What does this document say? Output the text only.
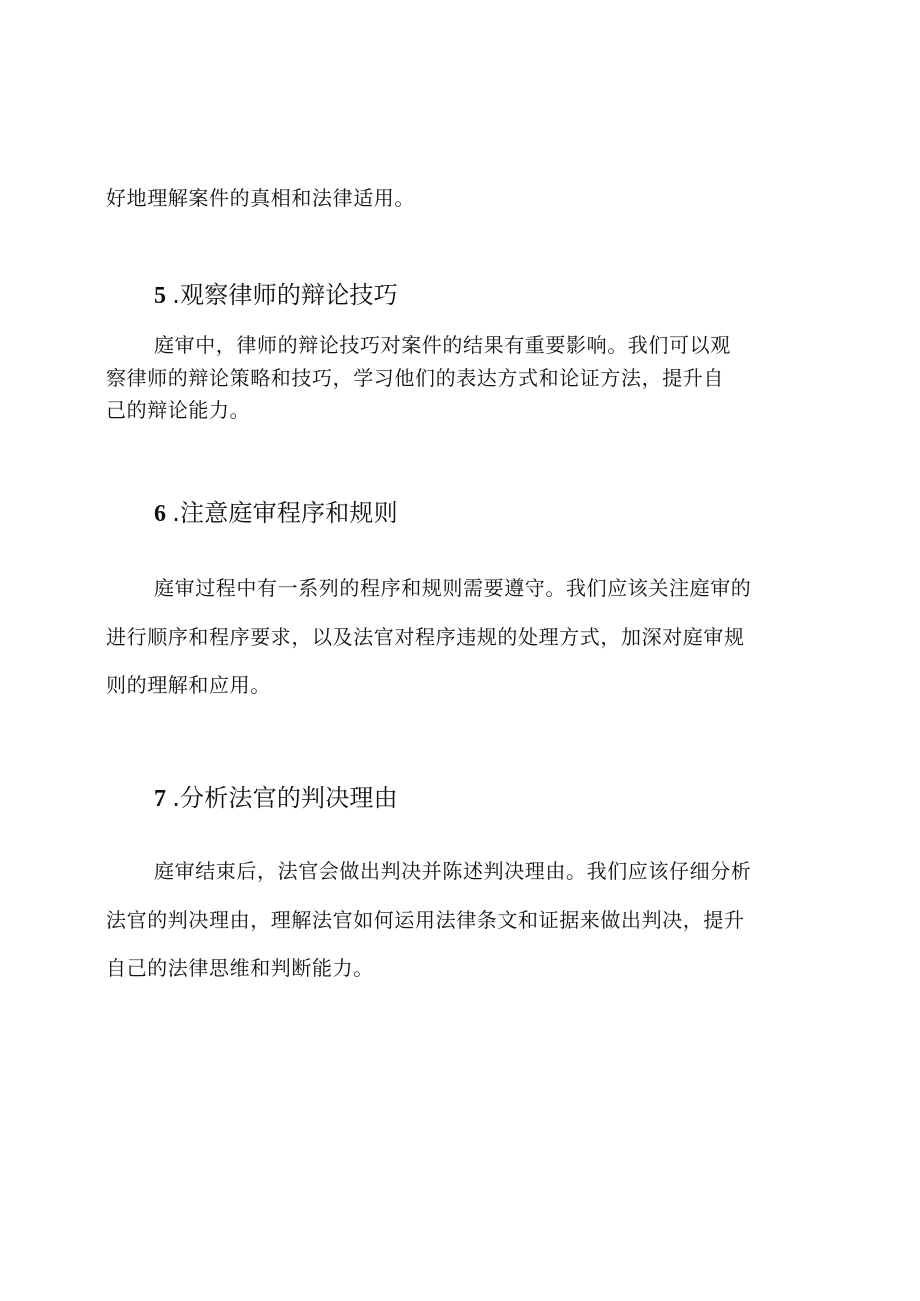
好地理解案件的真相和法律适用。
5 .观察律师的辩论技巧
庭审中，律师的辩论技巧对案件的结果有重要影响。我们可以观
察律师的辩论策略和技巧，学习他们的表达方式和论证方法，提升自
己的辩论能力。
6 .注意庭审程序和规则
庭审过程中有一系列的程序和规则需要遵守。我们应该关注庭审的
进行顺序和程序要求，以及法官对程序违规的处理方式，加深对庭审规
则的理解和应用。
7 .分析法官的判决理由
庭审结束后，法官会做出判决并陈述判决理由。我们应该仔细分析
法官的判决理由，理解法官如何运用法律条文和证据来做出判决，提升
自己的法律思维和判断能力。
